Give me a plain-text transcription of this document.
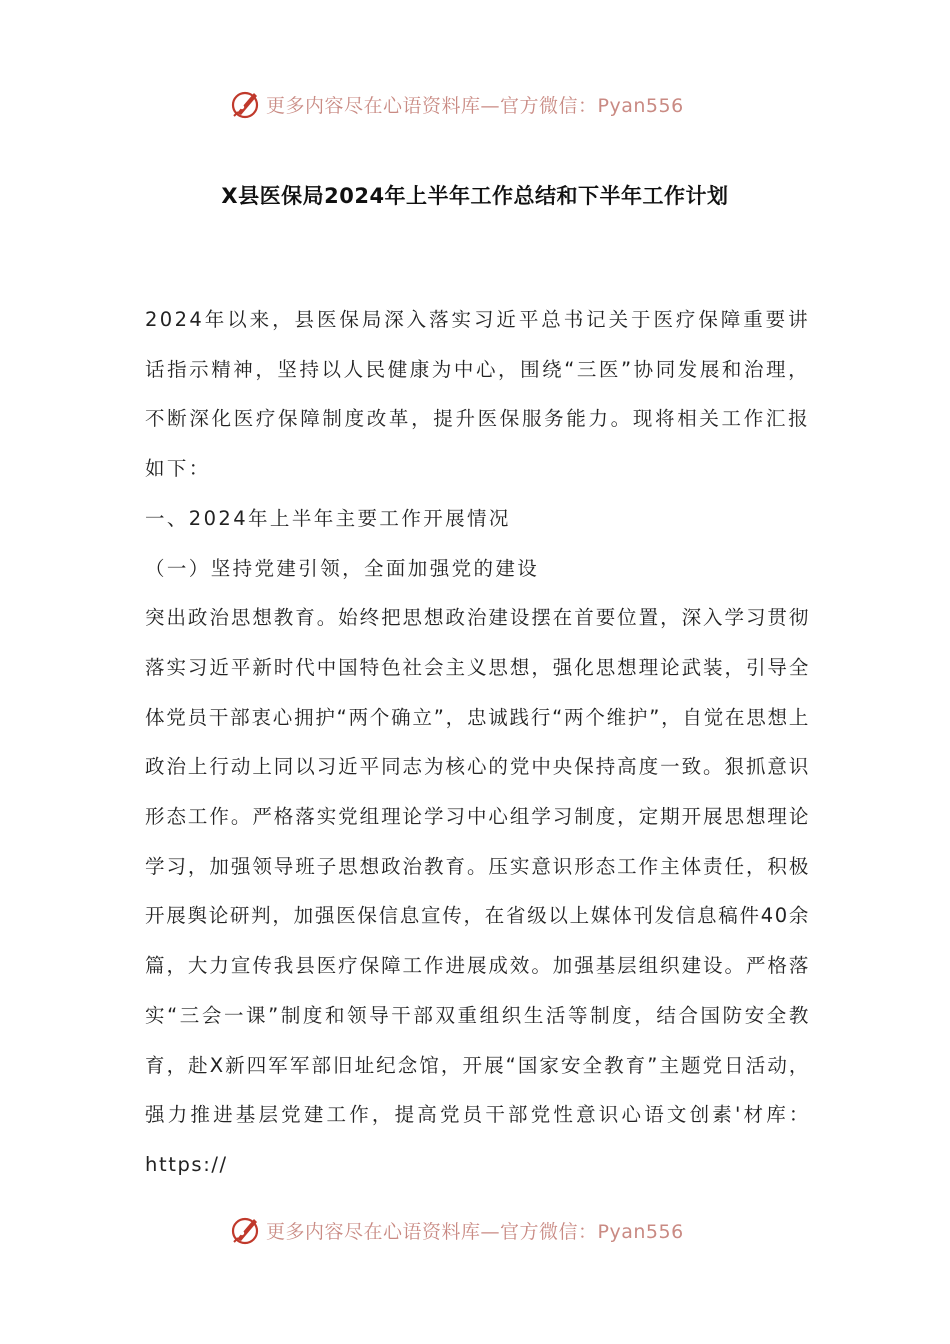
更多内容尽在心语资料库—官方微信：Pyan556
X县医保局2024年上半年工作总结和下半年工作计划

2024年以来，县医保局深入落实习近平总书记关于医疗保障重要讲话指示精神，坚持以人民健康为中心，围绕“三医”协同发展和治理，不断深化医疗保障制度改革，提升医保服务能力。现将相关工作汇报如下：

一、2024年上半年主要工作开展情况

（一）坚持党建引领，全面加强党的建设

突出政治思想教育。始终把思想政治建设摆在首要位置，深入学习贯彻落实习近平新时代中国特色社会主义思想，强化思想理论武装，引导全体党员干部衷心拥护“两个确立”，忠诚践行“两个维护”，自觉在思想上政治上行动上同以习近平同志为核心的党中央保持高度一致。狠抓意识形态工作。严格落实党组理论学习中心组学习制度，定期开展思想理论学习，加强领导班子思想政治教育。压实意识形态工作主体责任，积极开展舆论研判，加强医保信息宣传，在省级以上媒体刊发信息稿件40余篇，大力宣传我县医疗保障工作进展成效。加强基层组织建设。严格落实“三会一课”制度和领导干部双重组织生活等制度，结合国防安全教育，赴X新四军军部旧址纪念馆，开展“国家安全教育”主题党日活动，强力推进基层党建工作，提高党员干部党性意识心语文创素'材库：https://

更多内容尽在心语资料库—官方微信：Pyan556
